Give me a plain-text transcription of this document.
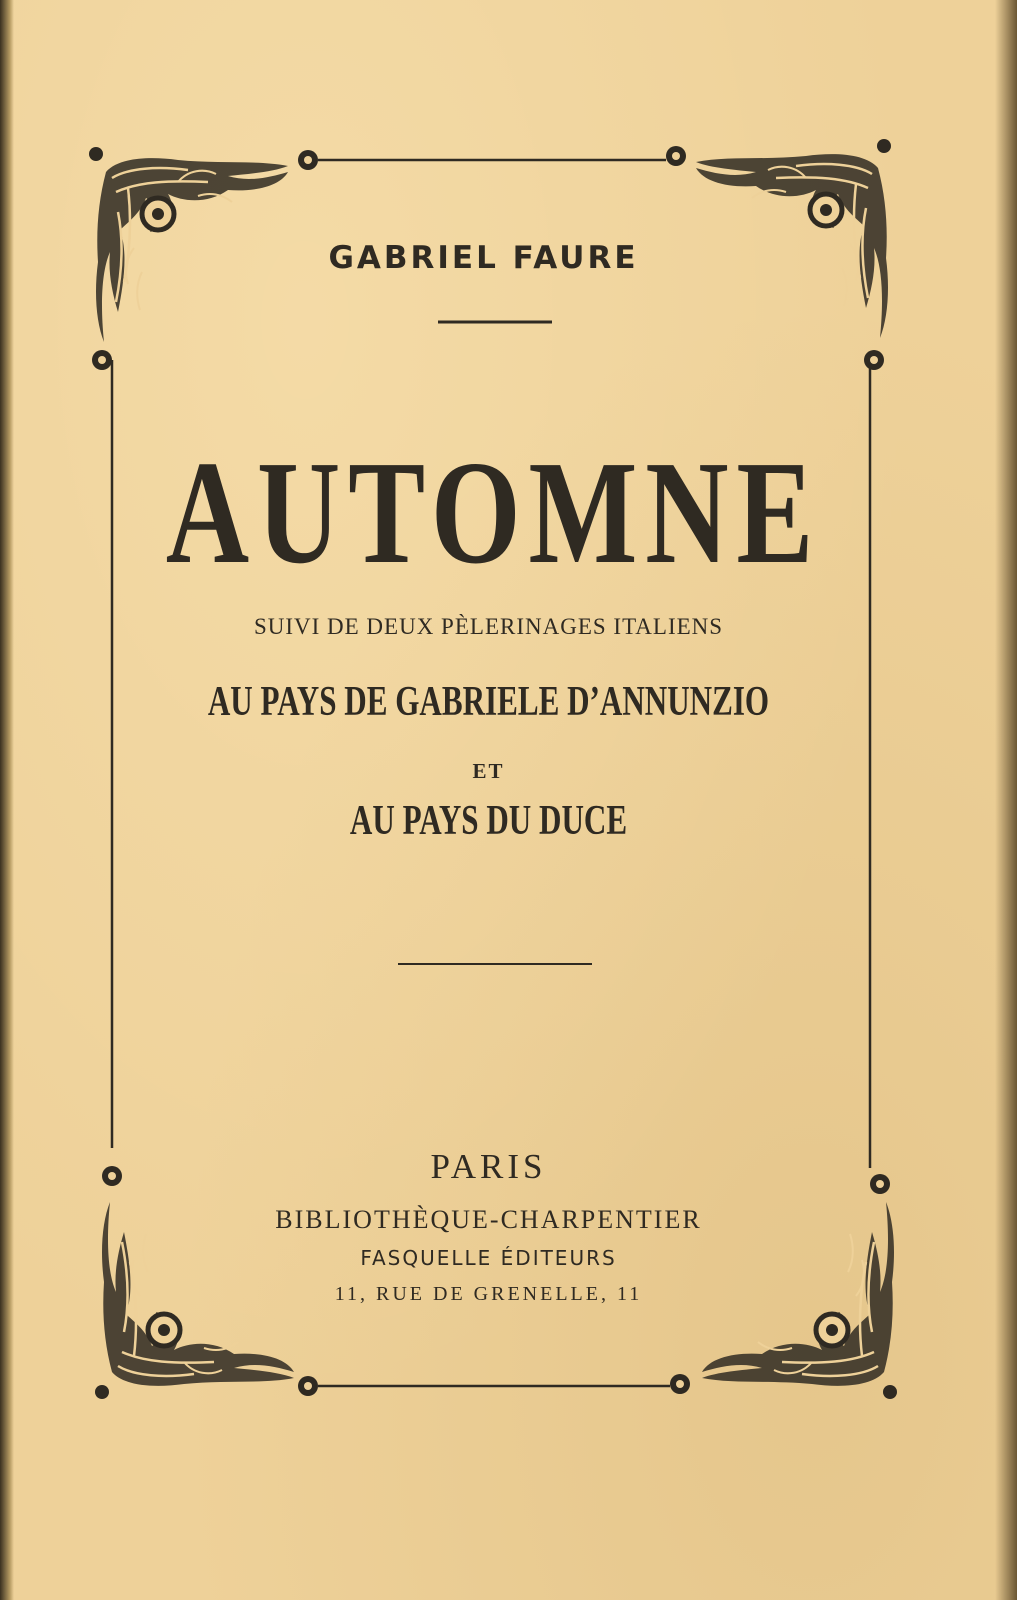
GABRIEL FAURE

AUTOMNE

SUIVI DE DEUX PÈLERINAGES ITALIENS

AU PAYS DE GABRIELE D’ANNUNZIO

ET

AU PAYS DU DUCE

PARIS

BIBLIOTHÈQUE-CHARPENTIER

FASQUELLE ÉDITEURS

11, RUE DE GRENELLE, 11
